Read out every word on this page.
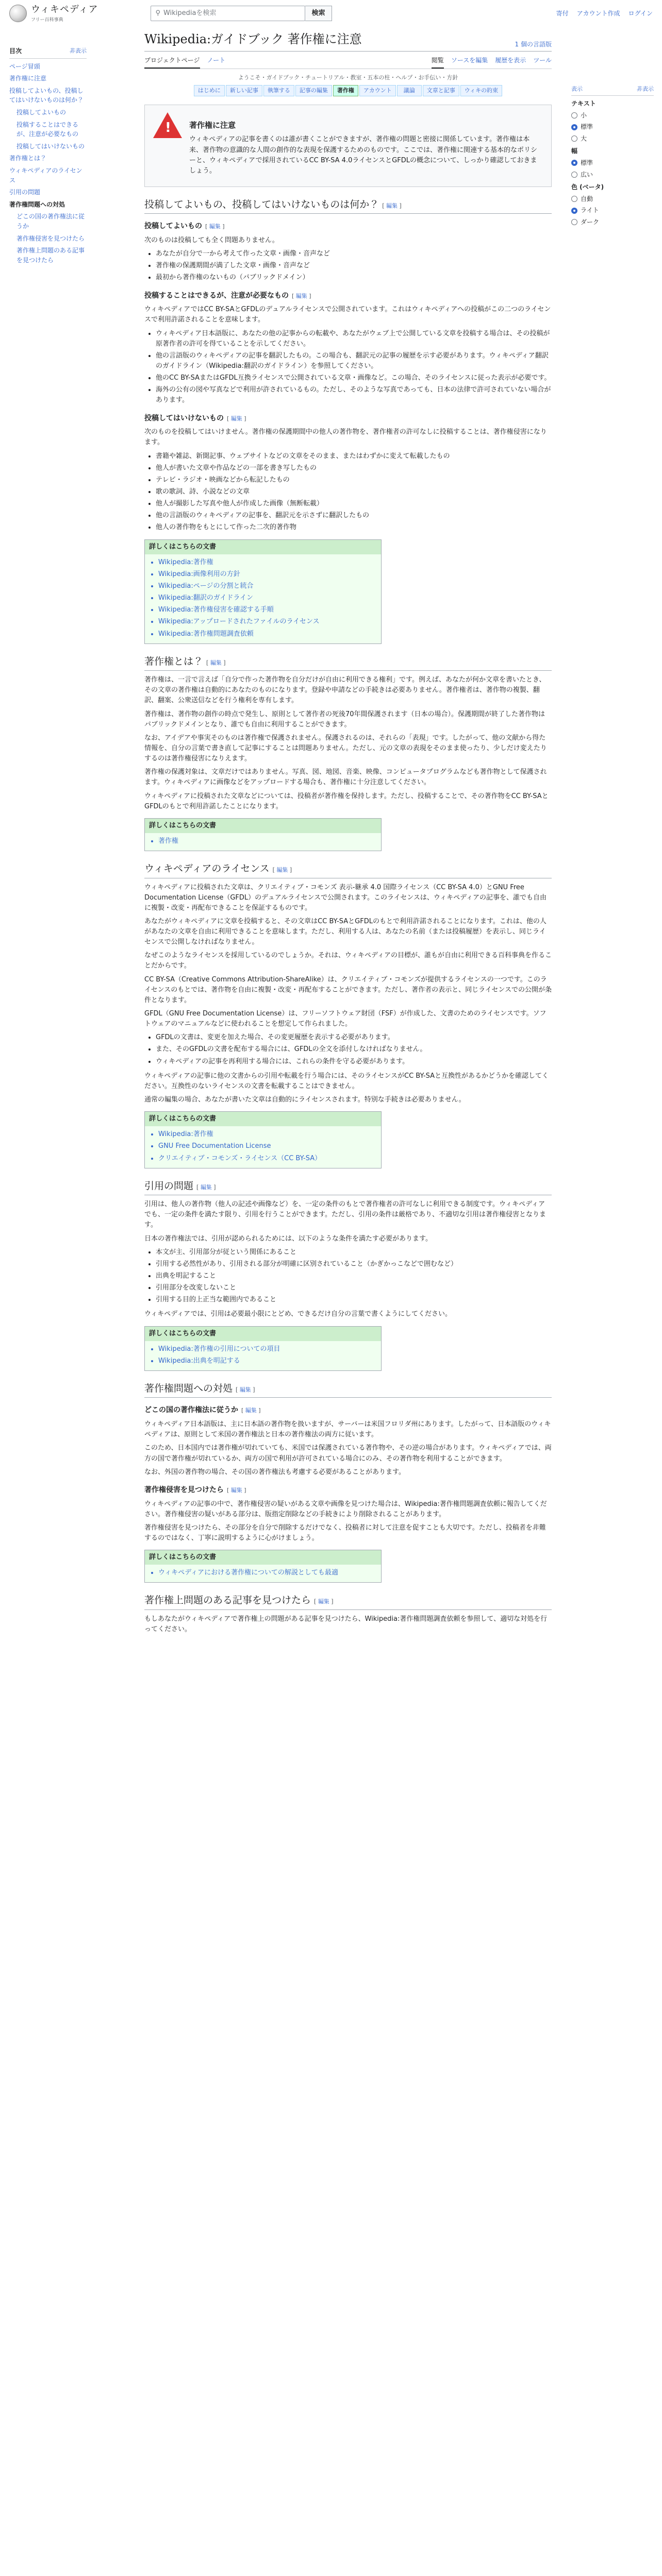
ウィキペディア
フリー百科事典
⚲ Wikipediaを検索	検索	寄付 アカウント作成 ログイン
目次	非表示
ページ冒頭
著作権に注意
投稿してよいもの、投稿してはいけないものは何か？
投稿してよいもの
投稿することはできるが、注意が必要なもの
投稿してはいけないもの
著作権とは？
ウィキペディアのライセンス
引用の問題
著作権問題への対処
どこの国の著作権法に従うか
著作権侵害を見つけたら
著作権上問題のある記事を見つけたら
表示	非表示
テキスト
小
標準
大
幅
標準
広い
色 (ベータ)
自動
ライト
ダーク
Wikipedia:ガイドブック 著作権に注意	1 個の言語版
プロジェクトページ ノート	閲覧 ソースを編集 履歴を表示 ツール
ようこそ・ガイドブック・チュートリアル・教室・五本の柱・ヘルプ・お手伝い・方針
はじめに	新しい記事	執筆する	記事の編集	著作権	アカウント	議論	文章と記事	ウィキの約束
!
著作権に注意

ウィキペディアの記事を書くのは誰が書くことができますが、著作権の問題と密接に関係しています。著作権は本来、著作物の意識的な人間の創作的な表現を保護するためのものです。ここでは、著作権に関連する基本的なポリシーと、ウィキペディアで採用されているCC BY-SA 4.0ライセンスとGFDLの概念について、しっかり確認しておきましょう。

投稿してよいもの、投稿してはいけないものは何か？ [ 編集 ]
投稿してよいもの [ 編集 ]

次のものは投稿しても全く問題ありません。

• あなたが自分で一から考えて作った文章・画像・音声など
• 著作権の保護期間が満了した文章・画像・音声など
• 最初から著作権のないもの（パブリックドメイン）
投稿することはできるが、注意が必要なもの [ 編集 ]

ウィキペディアではCC BY-SAとGFDLのデュアルライセンスで公開されています。これはウィキペディアへの投稿がこの二つのライセンスで利用許諾されることを意味します。

• ウィキペディア日本語版に、あなたの他の記事からの転載や、あなたがウェブ上で公開している文章を投稿する場合は、その投稿が原著作者の許可を得ていることを示してください。
• 他の言語版のウィキペディアの記事を翻訳したもの。この場合も、翻訳元の記事の履歴を示す必要があります。ウィキペディア翻訳のガイドライン（Wikipedia:翻訳のガイドライン）を参照してください。
• 他のCC BY-SAまたはGFDL互換ライセンスで公開されている文章・画像など。この場合、そのライセンスに従った表示が必要です。
• 海外の公有の図や写真などで利用が許されているもの。ただし、そのような写真であっても、日本の法律で許可されていない場合があります。
投稿してはいけないもの [ 編集 ]

次のものを投稿してはいけません。著作権の保護期間中の他人の著作物を、著作権者の許可なしに投稿することは、著作権侵害になります。

• 書籍や雑誌、新聞記事、ウェブサイトなどの文章をそのまま、またはわずかに変えて転載したもの
• 他人が書いた文章や作品などの一部を書き写したもの
• テレビ・ラジオ・映画などから転記したもの
• 歌の歌詞、詩、小説などの文章
• 他人が撮影した写真や他人が作成した画像（無断転載）
• 他の言語版のウィキペディアの記事を、翻訳元を示さずに翻訳したもの
• 他人の著作物をもとにして作った二次的著作物
詳しくはこちらの文書
• Wikipedia:著作権
• Wikipedia:画像利用の方針
• Wikipedia:ページの分割と統合
• Wikipedia:翻訳のガイドライン
• Wikipedia:著作権侵害を確認する手順
• Wikipedia:アップロードされたファイルのライセンス
• Wikipedia:著作権問題調査依頼
著作権とは？ [ 編集 ]

著作権は、一言で言えば「自分で作った著作物を自分だけが自由に利用できる権利」です。例えば、あなたが何か文章を書いたとき、その文章の著作権は自動的にあなたのものになります。登録や申請などの手続きは必要ありません。著作権者は、著作物の複製、翻訳、翻案、公衆送信などを行う権利を専有します。

著作権は、著作物の創作の時点で発生し、原則として著作者の死後70年間保護されます（日本の場合）。保護期間が終了した著作物はパブリックドメインとなり、誰でも自由に利用することができます。

なお、アイデアや事実そのものは著作権で保護されません。保護されるのは、それらの「表現」です。したがって、他の文献から得た情報を、自分の言葉で書き直して記事にすることは問題ありません。ただし、元の文章の表現をそのまま使ったり、少しだけ変えたりするのは著作権侵害になりえます。

著作権の保護対象は、文章だけではありません。写真、図、地図、音楽、映像、コンピュータプログラムなども著作物として保護されます。ウィキペディアに画像などをアップロードする場合も、著作権に十分注意してください。

ウィキペディアに投稿された文章などについては、投稿者が著作権を保持します。ただし、投稿することで、その著作物をCC BY-SAとGFDLのもとで利用許諾したことになります。

詳しくはこちらの文書
• 著作権
ウィキペディアのライセンス [ 編集 ]

ウィキペディアに投稿された文章は、クリエイティブ・コモンズ 表示-継承 4.0 国際ライセンス（CC BY-SA 4.0）とGNU Free Documentation License（GFDL）のデュアルライセンスで公開されます。このライセンスは、ウィキペディアの記事を、誰でも自由に複製・改変・再配布できることを保証するものです。

あなたがウィキペディアに文章を投稿すると、その文章はCC BY-SAとGFDLのもとで利用許諾されることになります。これは、他の人があなたの文章を自由に利用できることを意味します。ただし、利用する人は、あなたの名前（または投稿履歴）を表示し、同じライセンスで公開しなければなりません。

なぜこのようなライセンスを採用しているのでしょうか。それは、ウィキペディアの目標が、誰もが自由に利用できる百科事典を作ることだからです。

CC BY-SA（Creative Commons Attribution-ShareAlike）は、クリエイティブ・コモンズが提供するライセンスの一つです。このライセンスのもとでは、著作物を自由に複製・改変・再配布することができます。ただし、著作者の表示と、同じライセンスでの公開が条件となります。

GFDL（GNU Free Documentation License）は、フリーソフトウェア財団（FSF）が作成した、文書のためのライセンスです。ソフトウェアのマニュアルなどに使われることを想定して作られました。

• GFDLの文書は、変更を加えた場合、その変更履歴を表示する必要があります。
• また、そのGFDLの文書を配布する場合には、GFDLの全文を添付しなければなりません。
• ウィキペディアの記事を再利用する場合には、これらの条件を守る必要があります。

ウィキペディアの記事に他の文書からの引用や転載を行う場合には、そのライセンスがCC BY-SAと互換性があるかどうかを確認してください。互換性のないライセンスの文書を転載することはできません。

通常の編集の場合、あなたが書いた文章は自動的にライセンスされます。特別な手続きは必要ありません。

詳しくはこちらの文書
• Wikipedia:著作権
• GNU Free Documentation License
• クリエイティブ・コモンズ・ライセンス（CC BY-SA）
引用の問題 [ 編集 ]

引用は、他人の著作物（他人の記述や画像など）を、一定の条件のもとで著作権者の許可なしに利用できる制度です。ウィキペディアでも、一定の条件を満たす限り、引用を行うことができます。ただし、引用の条件は厳格であり、不適切な引用は著作権侵害となります。

日本の著作権法では、引用が認められるためには、以下のような条件を満たす必要があります。

• 本文が主、引用部分が従という関係にあること
• 引用する必然性があり、引用される部分が明確に区別されていること（かぎかっこなどで囲むなど）
• 出典を明記すること
• 引用部分を改変しないこと
• 引用する目的上正当な範囲内であること

ウィキペディアでは、引用は必要最小限にとどめ、できるだけ自分の言葉で書くようにしてください。

詳しくはこちらの文書
• Wikipedia:著作権の引用についての項目
• Wikipedia:出典を明記する
著作権問題への対処 [ 編集 ]
どこの国の著作権法に従うか [ 編集 ]

ウィキペディア日本語版は、主に日本語の著作物を扱いますが、サーバーは米国フロリダ州にあります。したがって、日本語版のウィキペディアは、原則として米国の著作権法と日本の著作権法の両方に従います。

このため、日本国内では著作権が切れていても、米国では保護されている著作物や、その逆の場合があります。ウィキペディアでは、両方の国で著作権が切れているか、両方の国で利用が許可されている場合にのみ、その著作物を利用することができます。

なお、外国の著作物の場合、その国の著作権法も考慮する必要があることがあります。

著作権侵害を見つけたら [ 編集 ]

ウィキペディアの記事の中で、著作権侵害の疑いがある文章や画像を見つけた場合は、Wikipedia:著作権問題調査依頼に報告してください。著作権侵害の疑いがある部分は、版指定削除などの手続きにより削除されることがあります。

著作権侵害を見つけたら、その部分を自分で削除するだけでなく、投稿者に対して注意を促すことも大切です。ただし、投稿者を非難するのではなく、丁寧に説明するように心がけましょう。

詳しくはこちらの文書
• ウィキペディアにおける著作権についての解説としても最適
著作権上問題のある記事を見つけたら [ 編集 ]

もしあなたがウィキペディアで著作権上の問題がある記事を見つけたら、Wikipedia:著作権問題調査依頼を参照して、適切な対処を行ってください。
